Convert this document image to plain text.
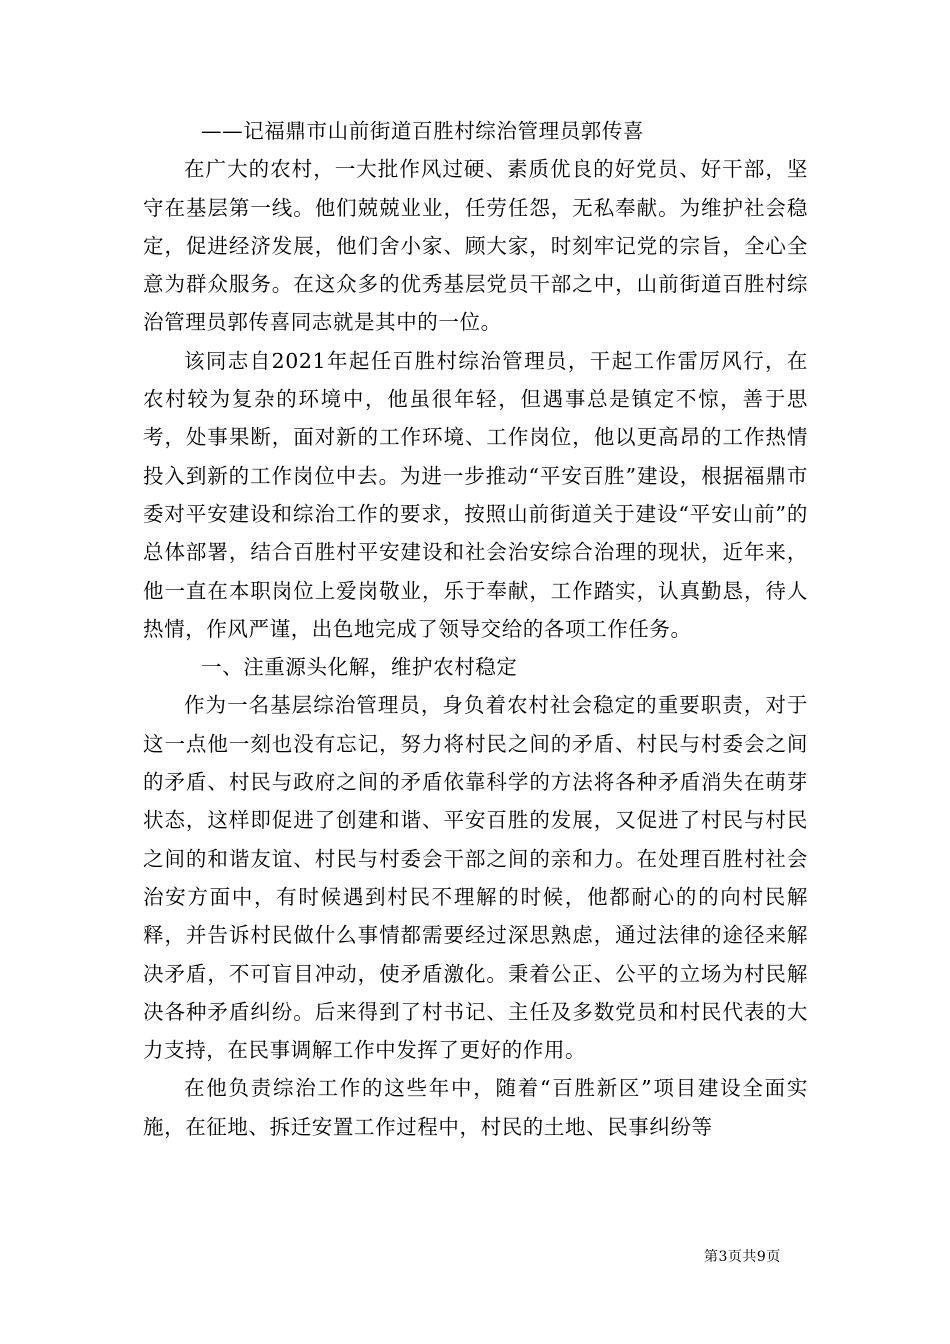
——记福鼎市山前街道百胜村综治管理员郭传喜

在广大的农村，一大批作风过硬、素质优良的好党员、好干部，坚守在基层第一线。他们兢兢业业，任劳任怨，无私奉献。为维护社会稳定，促进经济发展，他们舍小家、顾大家，时刻牢记党的宗旨，全心全意为群众服务。在这众多的优秀基层党员干部之中，山前街道百胜村综治管理员郭传喜同志就是其中的一位。

该同志自2021年起任百胜村综治管理员，干起工作雷厉风行，在农村较为复杂的环境中，他虽很年轻，但遇事总是镇定不惊，善于思考，处事果断，面对新的工作环境、工作岗位，他以更高昂的工作热情投入到新的工作岗位中去。为进一步推动“平安百胜”建设，根据福鼎市委对平安建设和综治工作的要求，按照山前街道关于建设“平安山前”的总体部署，结合百胜村平安建设和社会治安综合治理的现状，近年来，他一直在本职岗位上爱岗敬业，乐于奉献，工作踏实，认真勤恳，待人热情，作风严谨，出色地完成了领导交给的各项工作任务。

一、注重源头化解，维护农村稳定

作为一名基层综治管理员，身负着农村社会稳定的重要职责，对于这一点他一刻也没有忘记，努力将村民之间的矛盾、村民与村委会之间的矛盾、村民与政府之间的矛盾依靠科学的方法将各种矛盾消失在萌芽状态，这样即促进了创建和谐、平安百胜的发展，又促进了村民与村民之间的和谐友谊、村民与村委会干部之间的亲和力。在处理百胜村社会治安方面中，有时候遇到村民不理解的时候，他都耐心的的向村民解释，并告诉村民做什么事情都需要经过深思熟虑，通过法律的途径来解决矛盾，不可盲目冲动，使矛盾激化。秉着公正、公平的立场为村民解决各种矛盾纠纷。后来得到了村书记、主任及多数党员和村民代表的大力支持，在民事调解工作中发挥了更好的作用。

在他负责综治工作的这些年中，随着“百胜新区”项目建设全面实施，在征地、拆迁安置工作过程中，村民的土地、民事纠纷等

第3页共9页
